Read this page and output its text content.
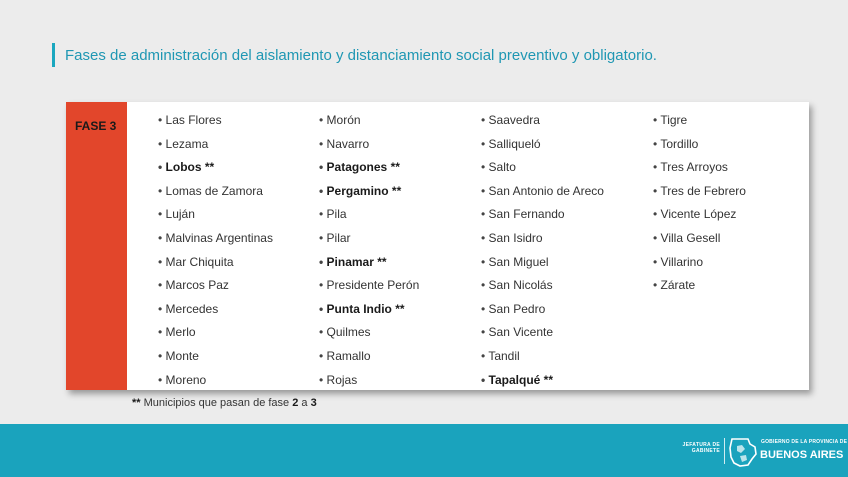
Fases de administración del aislamiento y distanciamiento social preventivo y obligatorio.
FASE 3
•	Las Flores
• Lezama
• Lobos **
• Lomas de Zamora
• Luján
• Malvinas Argentinas
• Mar Chiquita
• Marcos Paz
• Mercedes
• Merlo
• Monte
• Moreno
• Morón
• Navarro
• Patagones **
• Pergamino **
• Pila
• Pilar
• Pinamar **
• Presidente Perón
• Punta Indio **
• Quilmes
• Ramallo
• Rojas
• Saavedra
• Salliqueló
• Salto
• San Antonio de Areco
• San Fernando
• San Isidro
• San Miguel
• San Nicolás
• San Pedro
• San Vicente
• Tandil
• Tapalqué **
• Tigre
• Tordillo
• Tres Arroyos
• Tres de Febrero
• Vicente López
• Villa Gesell
• Villarino
• Zárate
** Municipios que pasan de fase 2 a 3
JEFATURA DE
GABINETE
GOBIERNO DE LA PROVINCIA DE
BUENOS AIRES
